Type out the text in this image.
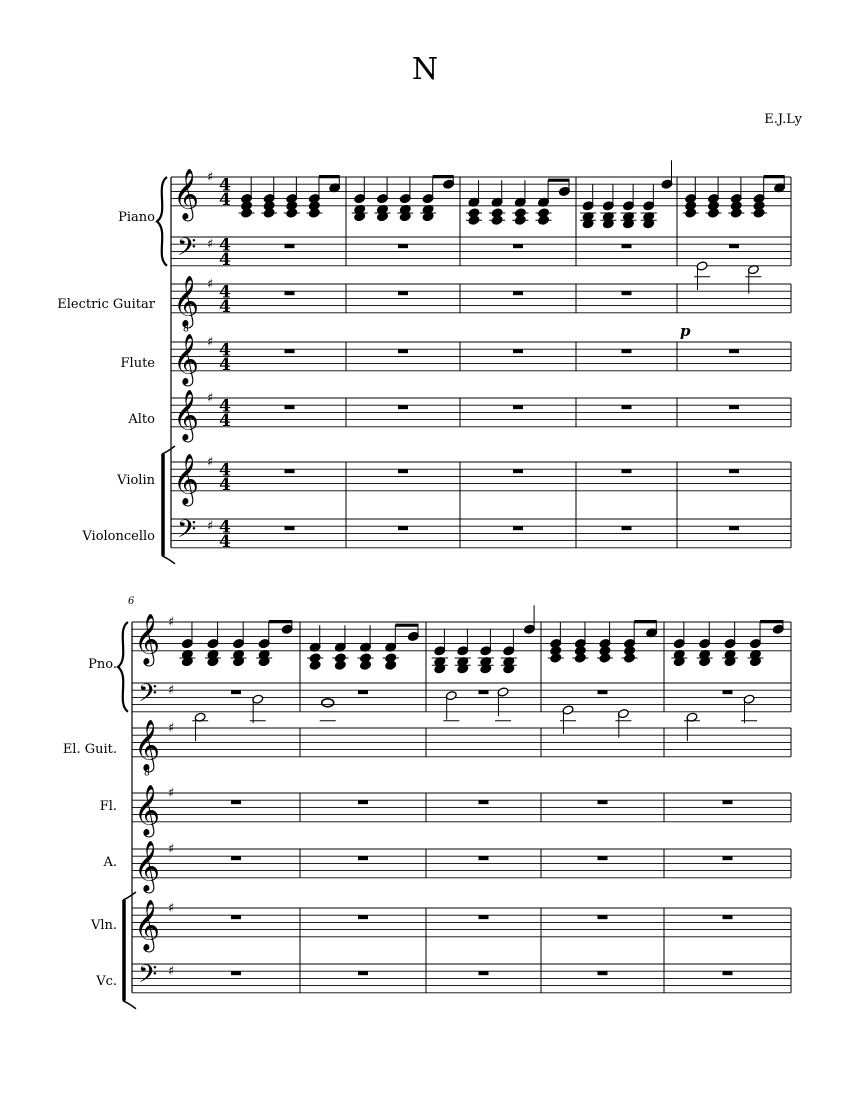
N
E.J.Ly
Piano
Electric Guitar
Flute
Alto
Violin
Violoncello
Pno.
El. Guit.
Fl.
A.
Vln.
Vc.
6
p
𝄞 ♯ 4
4
𝄢 ♯ 4
4
𝄞 ♯ 4
4
𝄞 ♯ 4
4
𝄞 ♯ 4
4
𝄞 ♯ 4
4
𝄢 ♯ 4
4
8
𝄞 ♯
𝄢 ♯
𝄞 ♯
𝄞 ♯
𝄞 ♯
𝄞 ♯
𝄢 ♯
8
